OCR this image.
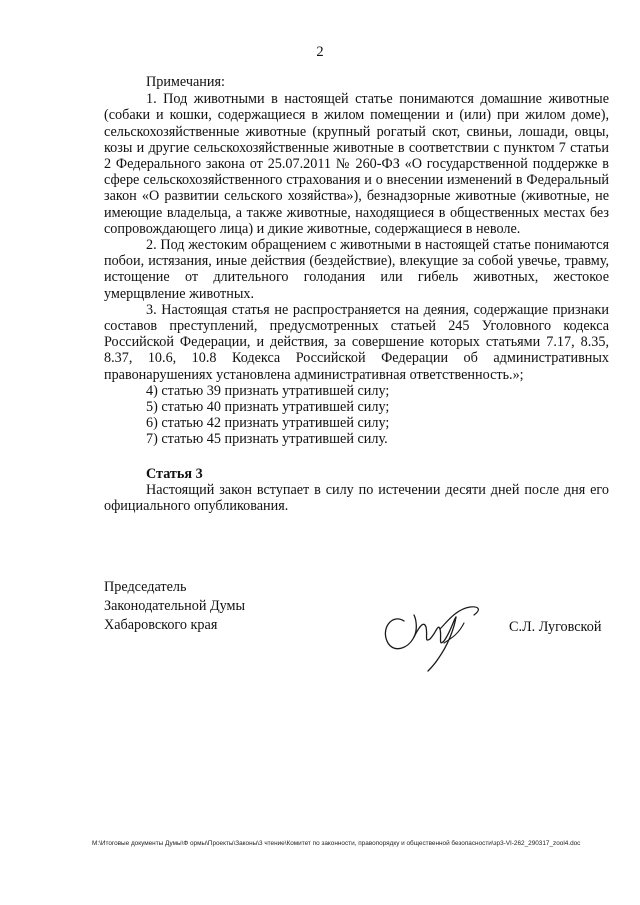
2

Примечания:

1. Под животными в настоящей статье понимаются домашние животные (собаки и кошки, содержащиеся в жилом помещении и (или) при жилом доме), сельскохозяйственные животные (крупный рогатый скот, свиньи, лошади, овцы, козы и другие сельскохозяйственные животные в соответствии с пунктом 7 статьи 2 Федерального закона от 25.07.2011 № 260-ФЗ «О государственной поддержке в сфере сельскохозяйственного страхования и о внесении изменений в Федеральный закон «О развитии сельского хозяйства»), безнадзорные животные (животные, не имеющие владельца, а также животные, находящиеся в общественных местах без сопровождающего лица) и дикие животные, содержащиеся в неволе.

2. Под жестоким обращением с животными в настоящей статье понимаются побои, истязания, иные действия (бездействие), влекущие за собой увечье, травму, истощение от длительного голодания или гибель животных, жестокое умерщвление животных.

3. Настоящая статья не распространяется на деяния, содержащие признаки составов преступлений, предусмотренных статьей 245 Уголовного кодекса Российской Федерации, и действия, за совершение которых статьями 7.17, 8.35, 8.37, 10.6, 10.8 Кодекса Российской Федерации об административных правонарушениях установлена административная ответственность.»;

4) статью 39 признать утратившей силу;

5) статью 40 признать утратившей силу;

6) статью 42 признать утратившей силу;

7) статью 45 признать утратившей силу.

Статья 3

Настоящий закон вступает в силу по истечении десяти дней после дня его официального опубликования.

Председатель
Законодательной Думы
Хабаровского края	С.Л. Луговской
M:\Итоговые документы Думы\Ф ормы\Проекты\Законы\3 чтение\Комитет по законности, правопорядку и общественной безопасности\зр3-VI-262_290317_zool4.doc
